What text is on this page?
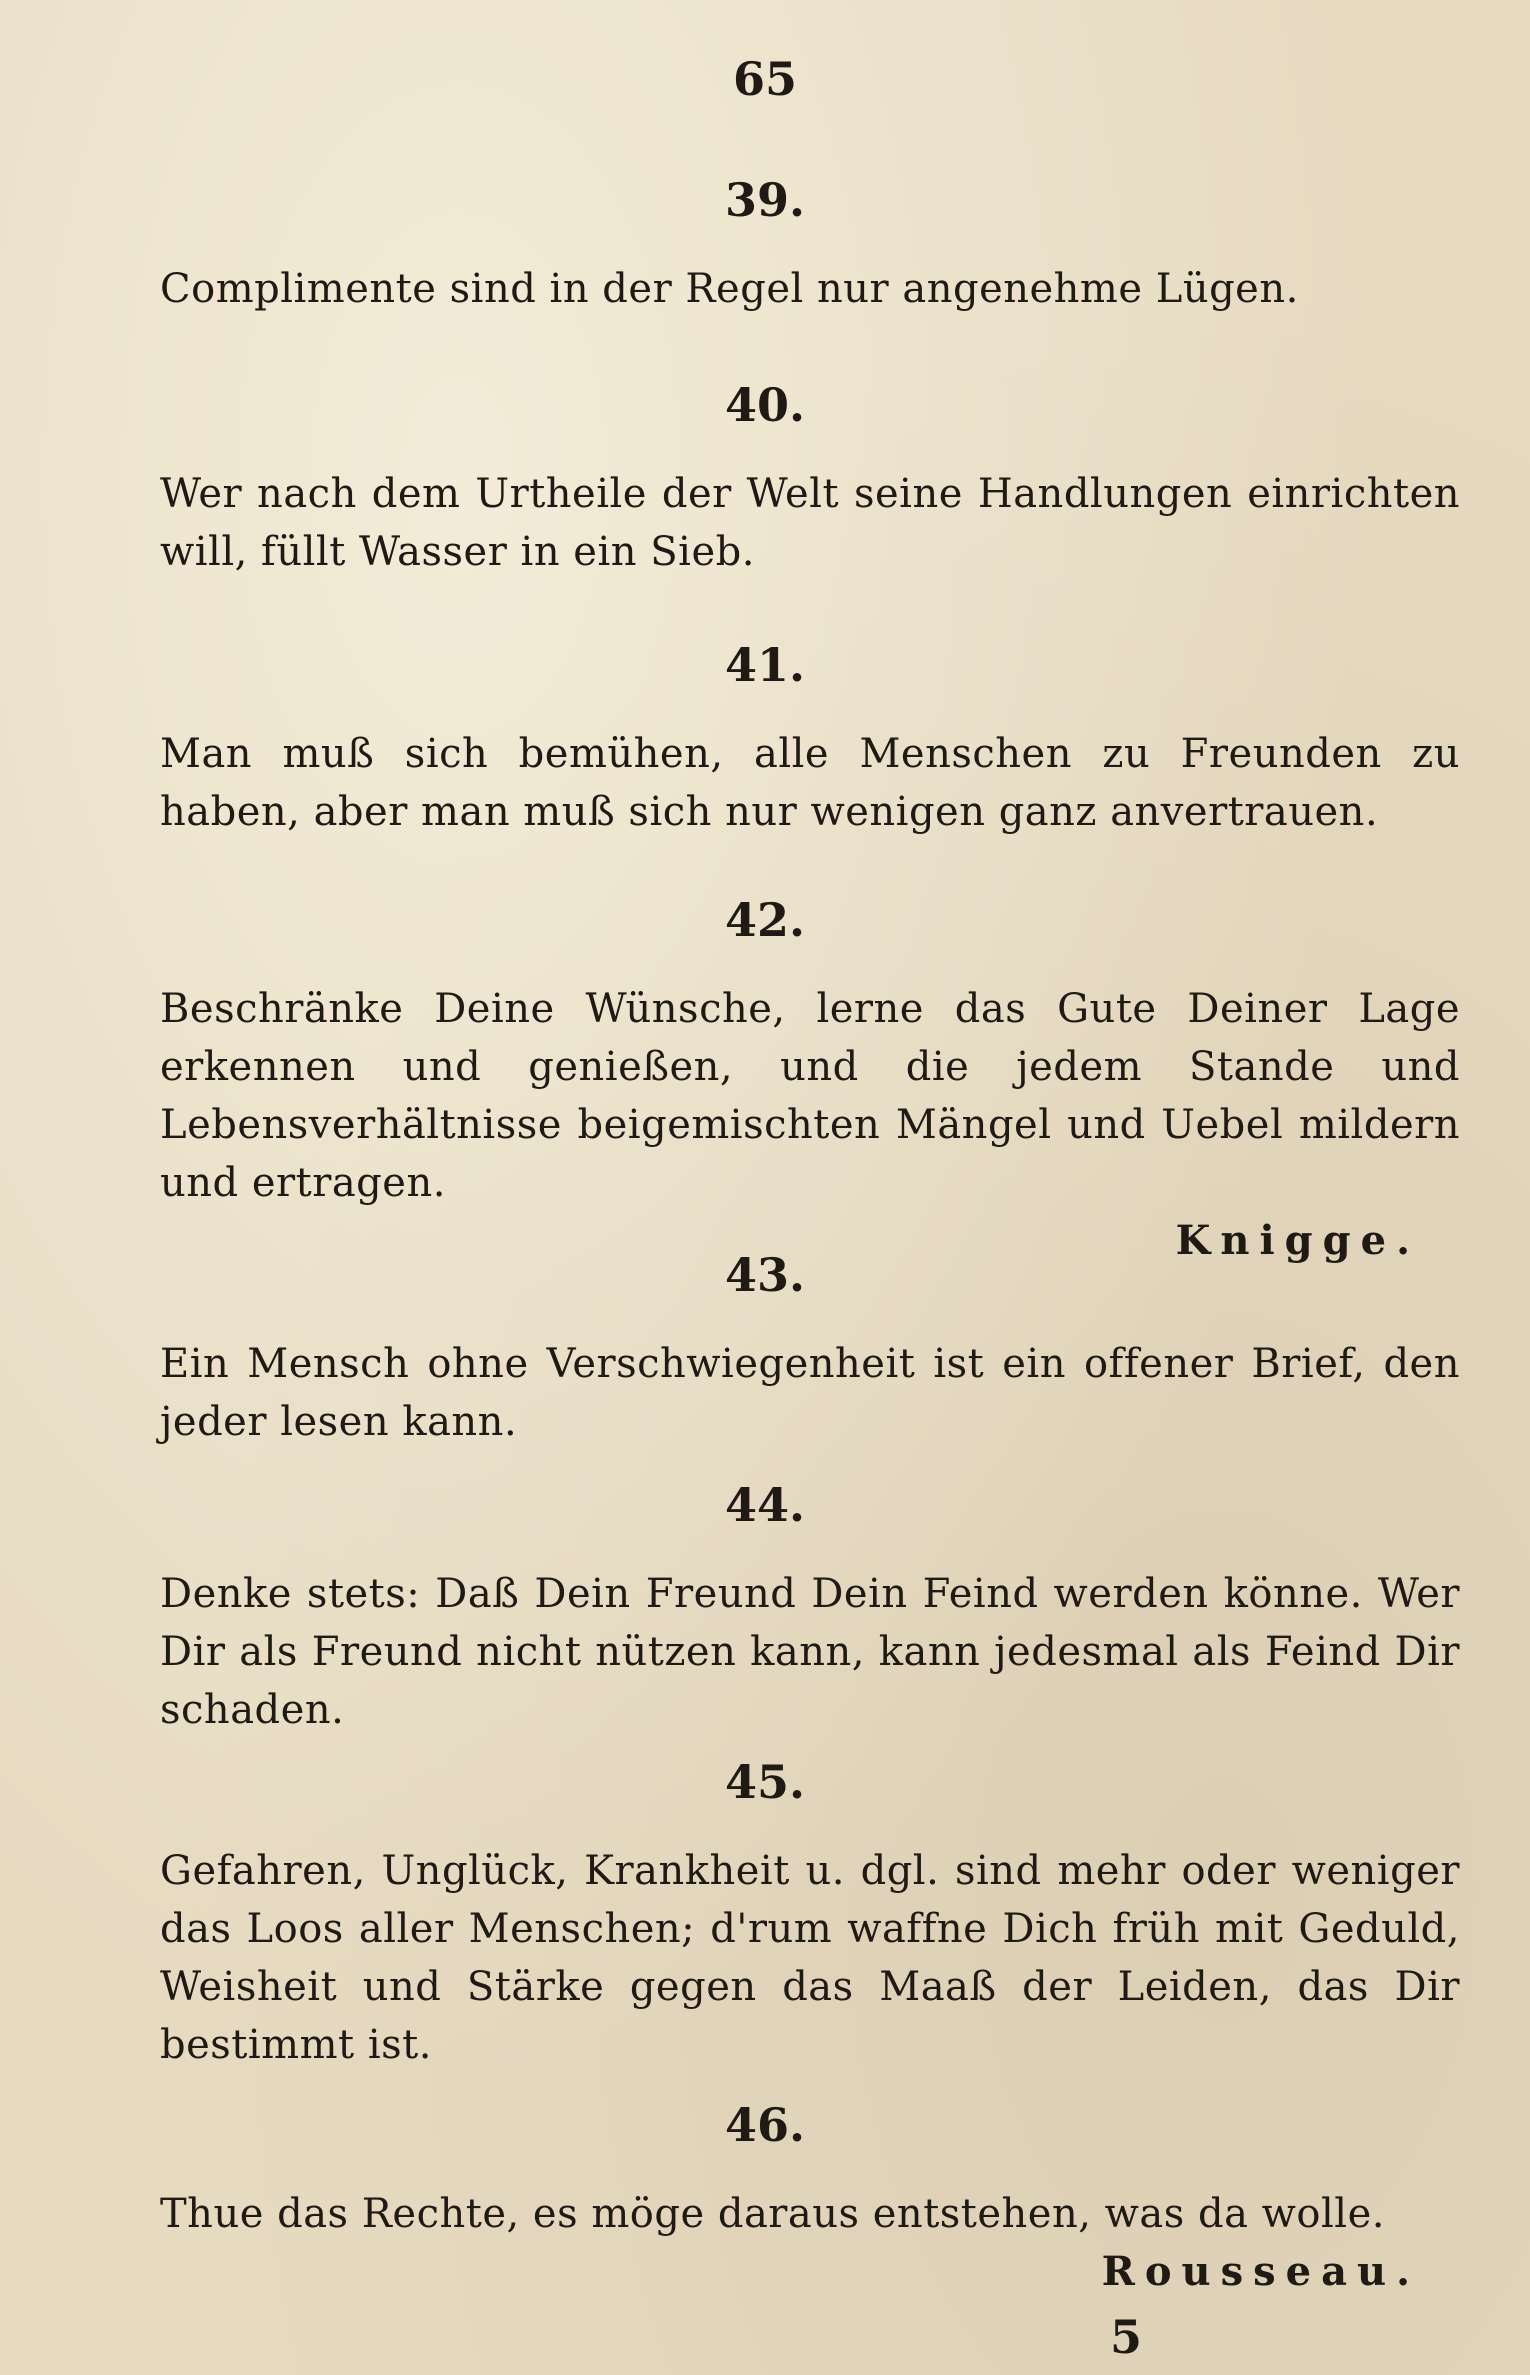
65
39.
Complimente sind in der Regel nur angenehme Lügen.
40.
Wer nach dem Urtheile der Welt seine Handlungen einrichten will, füllt Wasser in ein Sieb.
41.
Man muß sich bemühen, alle Menschen zu Freunden zu haben, aber man muß sich nur wenigen ganz anvertrauen.
42.
Beschränke Deine Wünsche, lerne das Gute Deiner Lage erkennen und genießen, und die jedem Stande und Lebensverhältnisse beigemischten Mängel und Uebel mildern und ertragen.
Knigge.
43.
Ein Mensch ohne Verschwiegenheit ist ein offener Brief, den jeder lesen kann.
44.
Denke stets: Daß Dein Freund Dein Feind werden könne. Wer Dir als Freund nicht nützen kann, kann jedesmal als Feind Dir schaden.
45.
Gefahren, Unglück, Krankheit u. dgl. sind mehr oder weniger das Loos aller Menschen; d'rum waffne Dich früh mit Geduld, Weisheit und Stärke gegen das Maaß der Leiden, das Dir bestimmt ist.
46.
Thue das Rechte, es möge daraus entstehen, was da wolle.
Rousseau.
5
